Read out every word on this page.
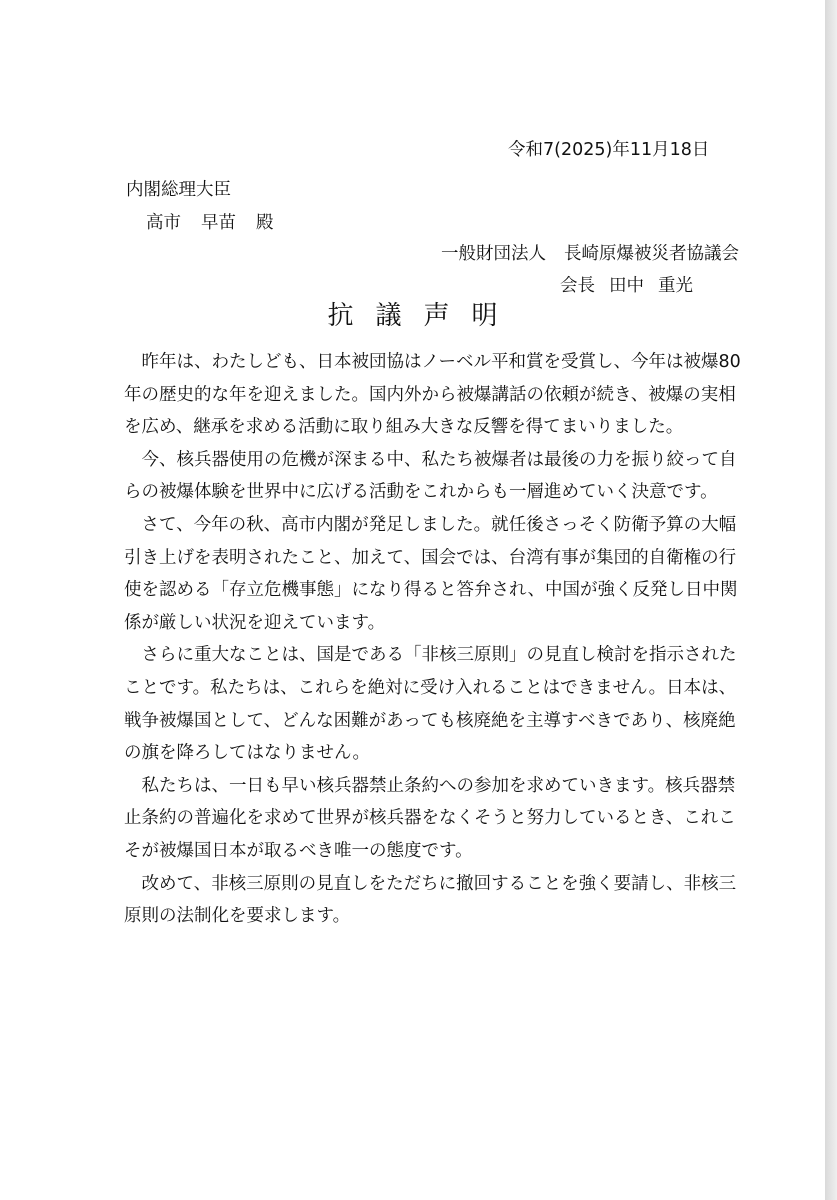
令和7(2025)年11月18日
内閣総理大臣
高市 早苗 殿
一般財団法人 長崎原爆被災者協議会
会長 田中 重光
抗議声明
　昨年は、わたしども、日本被団協はノーベル平和賞を受賞し、今年は被爆80
年の歴史的な年を迎えました。国内外から被爆講話の依頼が続き、被爆の実相
を広め、継承を求める活動に取り組み大きな反響を得てまいりました。
　今、核兵器使用の危機が深まる中、私たち被爆者は最後の力を振り絞って自
らの被爆体験を世界中に広げる活動をこれからも一層進めていく決意です。
　さて、今年の秋、高市内閣が発足しました。就任後さっそく防衛予算の大幅
引き上げを表明されたこと、加えて、国会では、台湾有事が集団的自衛権の行
使を認める「存立危機事態」になり得ると答弁され、中国が強く反発し日中関
係が厳しい状況を迎えています。
　さらに重大なことは、国是である「非核三原則」の見直し検討を指示された
ことです。私たちは、これらを絶対に受け入れることはできません。日本は、
戦争被爆国として、どんな困難があっても核廃絶を主導すべきであり、核廃絶
の旗を降ろしてはなりません。
　私たちは、一日も早い核兵器禁止条約への参加を求めていきます。核兵器禁
止条約の普遍化を求めて世界が核兵器をなくそうと努力しているとき、これこ
そが被爆国日本が取るべき唯一の態度です。
　改めて、非核三原則の見直しをただちに撤回することを強く要請し、非核三
原則の法制化を要求します。
